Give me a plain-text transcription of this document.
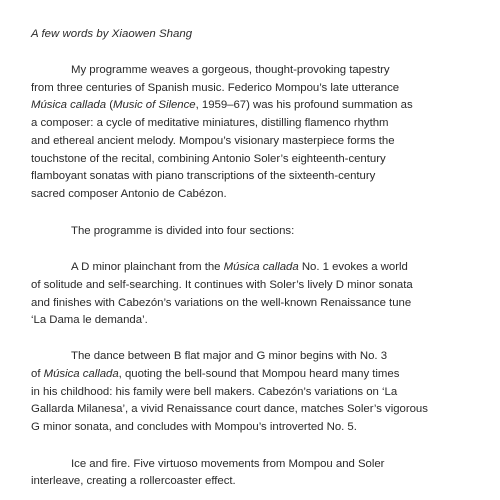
A few words by Xiaowen Shang
My programme weaves a gorgeous, thought-provoking tapestry
from three centuries of Spanish music. Federico Mompou’s late utterance
Música callada (Music of Silence, 1959–67) was his profound summation as
a composer: a cycle of meditative miniatures, distilling flamenco rhythm
and ethereal ancient melody. Mompou’s visionary masterpiece forms the
touchstone of the recital, combining Antonio Soler’s eighteenth-century
flamboyant sonatas with piano transcriptions of the sixteenth-century
sacred composer Antonio de Cabézon.
The programme is divided into four sections:
A D minor plainchant from the Música callada No. 1 evokes a world
of solitude and self-searching. It continues with Soler’s lively D minor sonata
and finishes with Cabezón’s variations on the well-known Renaissance tune
‘La Dama le demanda’.
The dance between B flat major and G minor begins with No. 3
of Música callada, quoting the bell-sound that Mompou heard many times
in his childhood: his family were bell makers. Cabezón’s variations on ‘La
Gallarda Milanesa’, a vivid Renaissance court dance, matches Soler’s vigorous
G minor sonata, and concludes with Mompou’s introverted No. 5.
Ice and fire. Five virtuoso movements from Mompou and Soler
interleave, creating a rollercoaster effect.
